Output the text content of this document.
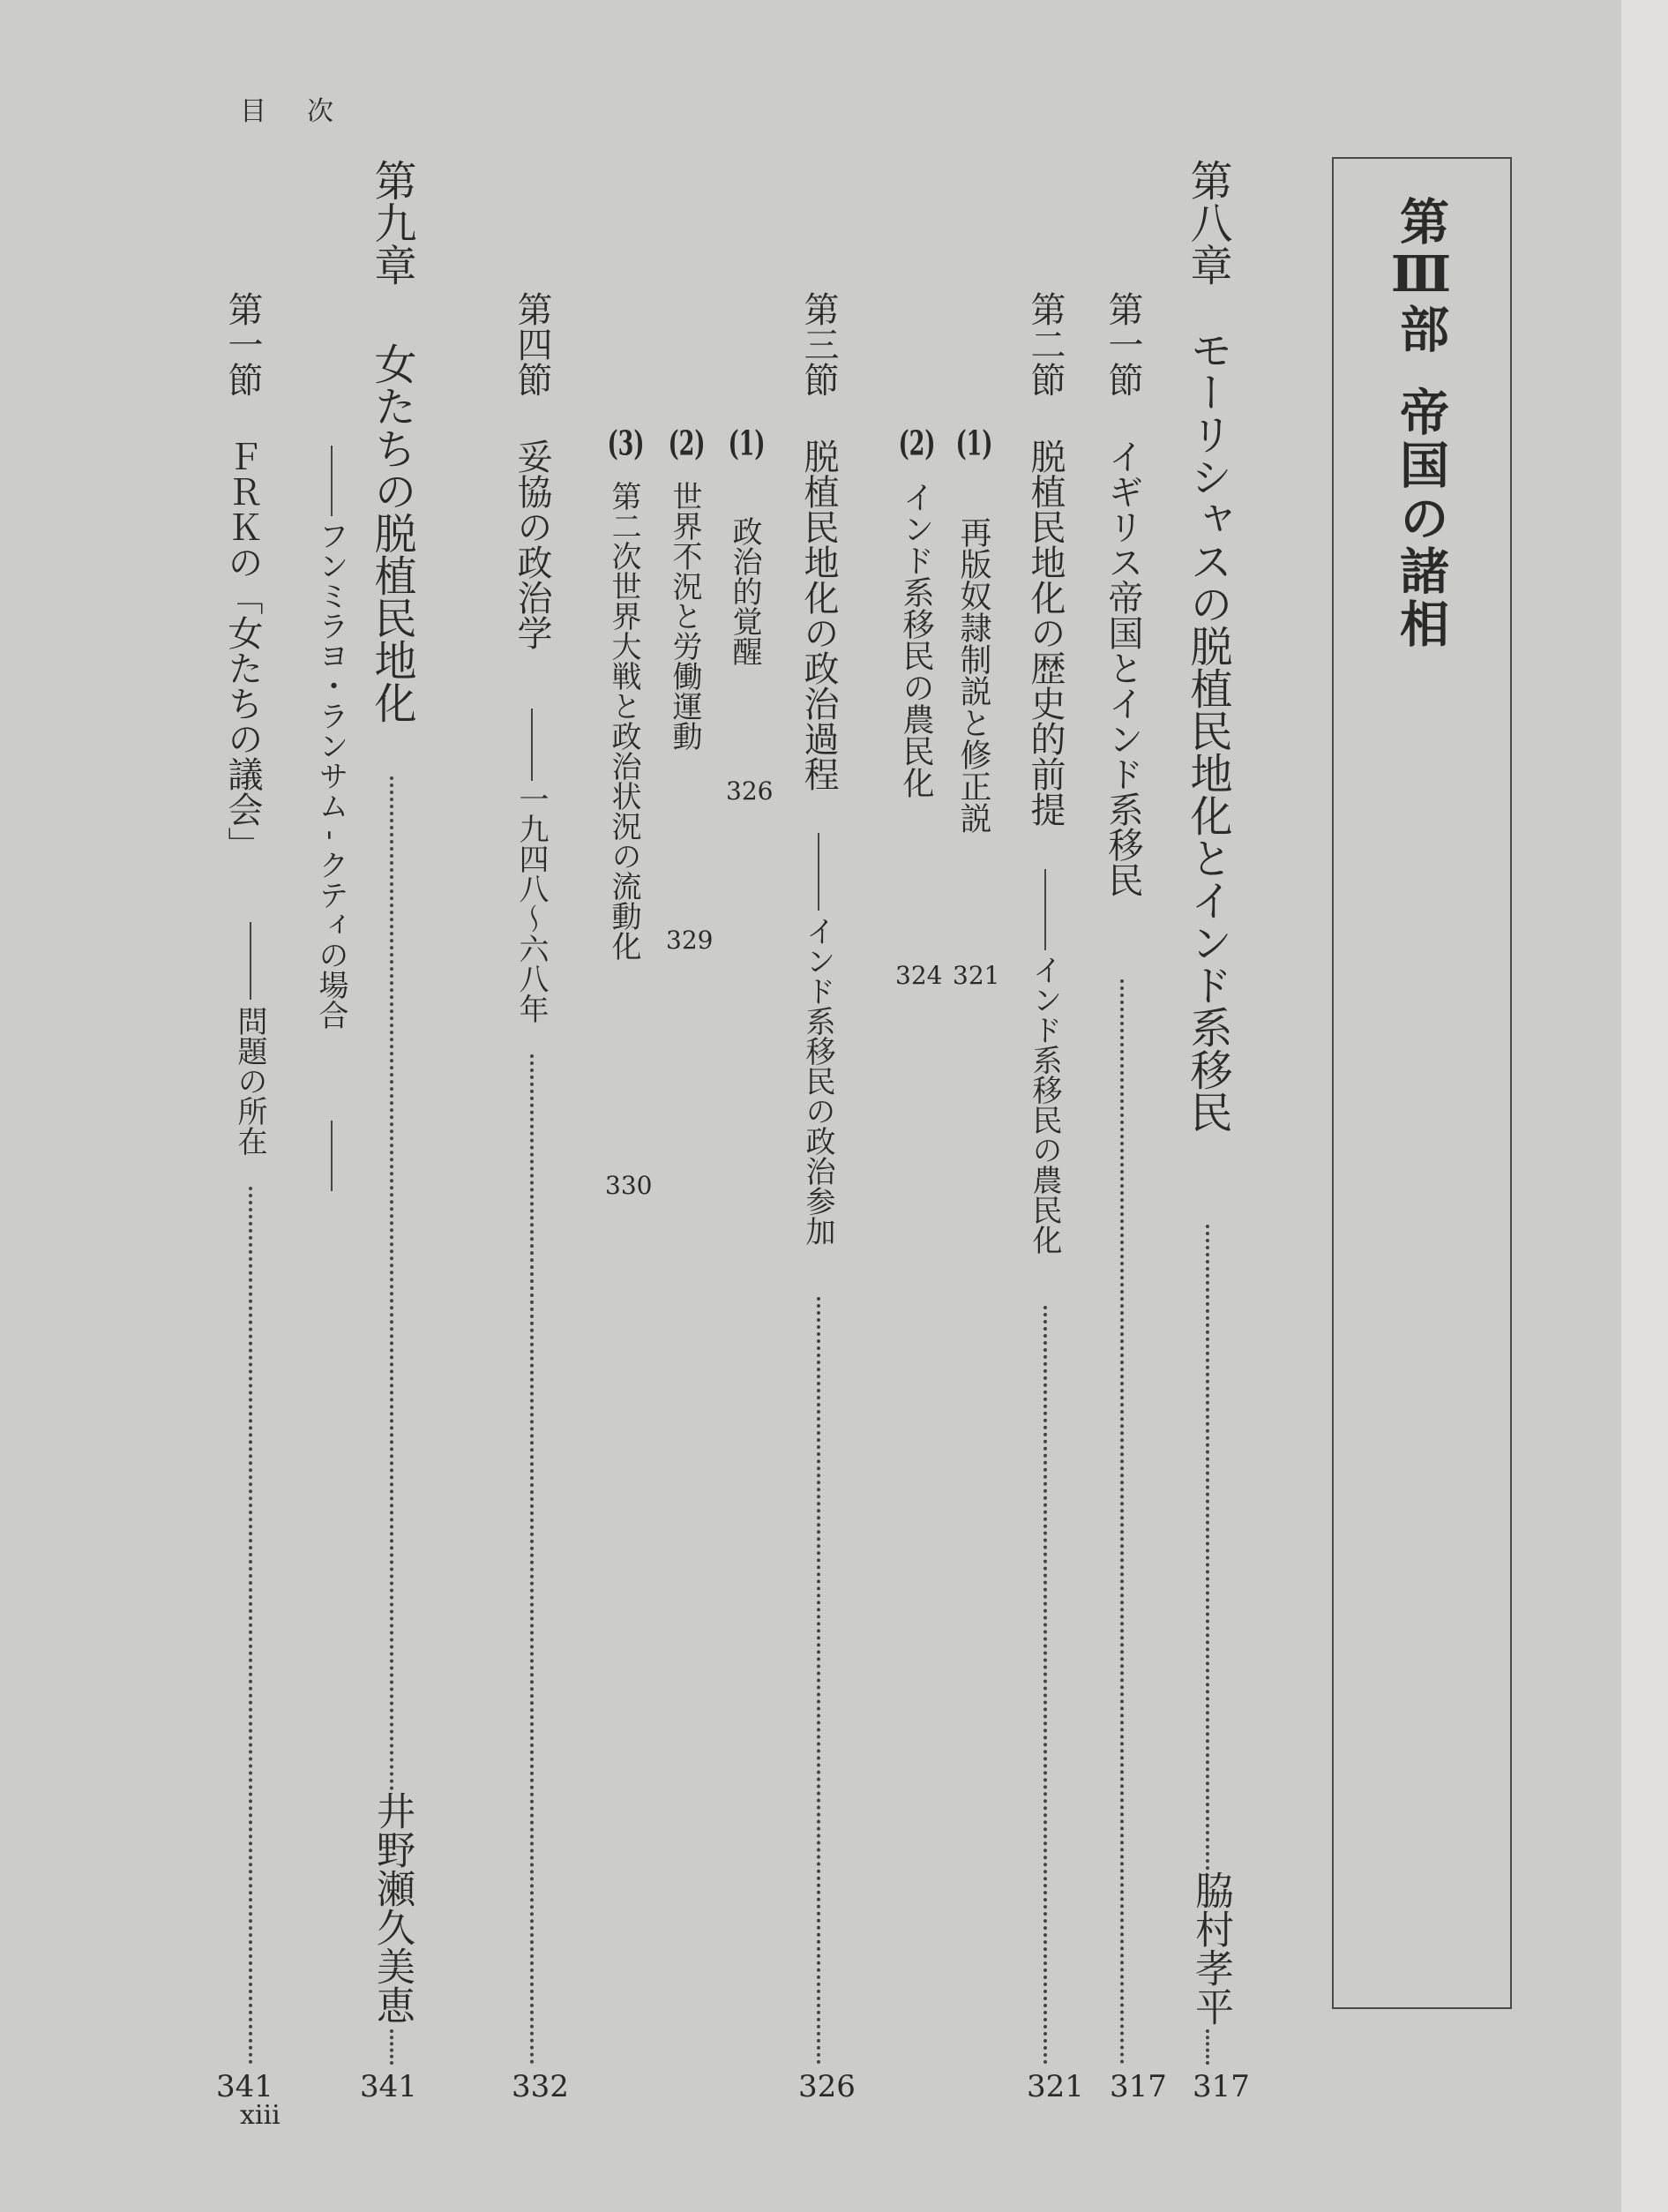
目　次
xiii
第Ⅲ部
帝国の諸相
第八章
モーリシャスの脱植民地化とインド系移民
脇村孝平
317
第一節
イギリス帝国とインド系移民
317
第二節
脱植民地化の歴史的前提
インド系移民の農民化
321
(1)
再版奴隷制説と修正説
321
(2)
インド系移民の農民化
324
第三節
脱植民地化の政治過程
インド系移民の政治参加
326
(1)
政治的覚醒
326
(2)
世界不況と労働運動
329
(3)
第二次世界大戦と政治状況の流動化
330
第四節
妥協の政治学
一九四八～六八年
332
第九章
女たちの脱植民地化
フンミラヨ・ランサム - クティの場合
井野瀬久美恵
341
第一節
ＦＲＫの「女たちの議会」
問題の所在
341
